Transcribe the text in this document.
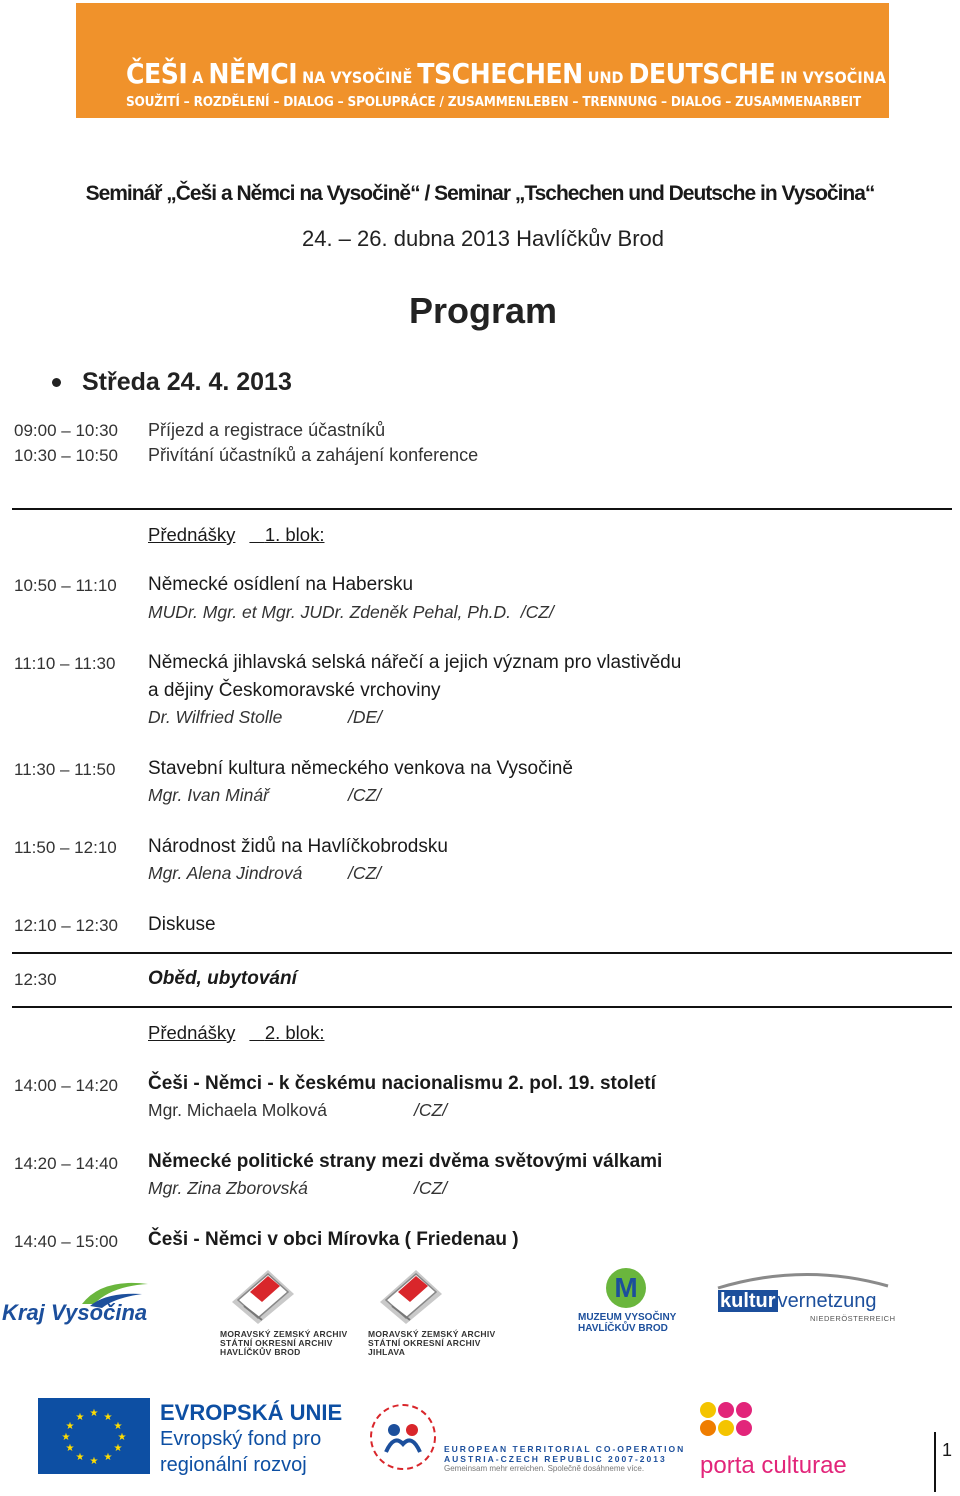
ČEŠI A NĚMCI NA VYSOČINĚ TSCHECHEN UND DEUTSCHE IN VYSOČINA
SOUŽITÍ – ROZDĚLENÍ – DIALOG – SPOLUPRÁCE / ZUSAMMENLEBEN – TRENNUNG – DIALOG – ZUSAMMENARBEIT
Seminář „Češi a Němci na Vysočině“ / Seminar „Tschechen und Deutsche in Vysočina“
24. – 26. dubna 2013 Havlíčkův Brod
Program
Středa 24. 4. 2013
09:00 – 10:30 Příjezd a registrace účastníků
10:30 – 10:50 Přivítání účastníků a zahájení konference
Přednášky 1. blok:
10:50 – 11:10 Německé osídlení na Habersku
MUDr. Mgr. et Mgr. JUDr. Zdeněk Pehal, Ph.D. /CZ/
11:10 – 11:30 Německá jihlavská selská nářečí a jejich význam pro vlastivědu
a dějiny Českomoravské vrchoviny
Dr. Wilfried Stolle	/DE/
11:30 – 11:50 Stavební kultura německého venkova na Vysočině
Mgr. Ivan Minář	/CZ/
11:50 – 12:10 Národnost židů na Havlíčkobrodsku
Mgr. Alena Jindrová	/CZ/
12:10 – 12:30 Diskuse
12:30	Oběd, ubytování
Přednášky 2. blok:
14:00 – 14:20 Češi - Němci - k českému nacionalismu 2. pol. 19. století
Mgr. Michaela Molková	/CZ/
14:20 – 14:40 Německé politické strany mezi dvěma světovými válkami
Mgr. Zina Zborovská	/CZ/
14:40 – 15:00 Češi - Němci v obci Mírovka ( Friedenau )
Kraj Vysočina
MORAVSKÝ ZEMSKÝ ARCHIV
STÁTNÍ OKRESNÍ ARCHIV
HAVLÍČKŮV BROD
MORAVSKÝ ZEMSKÝ ARCHIV
STÁTNÍ OKRESNÍ ARCHIV
JIHLAVA
M
MUZEUM VYSOČINY
HAVLÍČKŮV BROD
kultur vernetzung
NIEDERÖSTERREICH
★ ★
★
★
★
★
★
★
★
★
★
★	EVROPSKÁ UNIE
Evropský fond pro
regionální rozvoj
EUROPEAN TERRITORIAL CO-OPERATION
AUSTRIA-CZECH REPUBLIC 2007-2013
Gemeinsam mehr erreichen. Společně dosáhneme více.	porta culturae
1
